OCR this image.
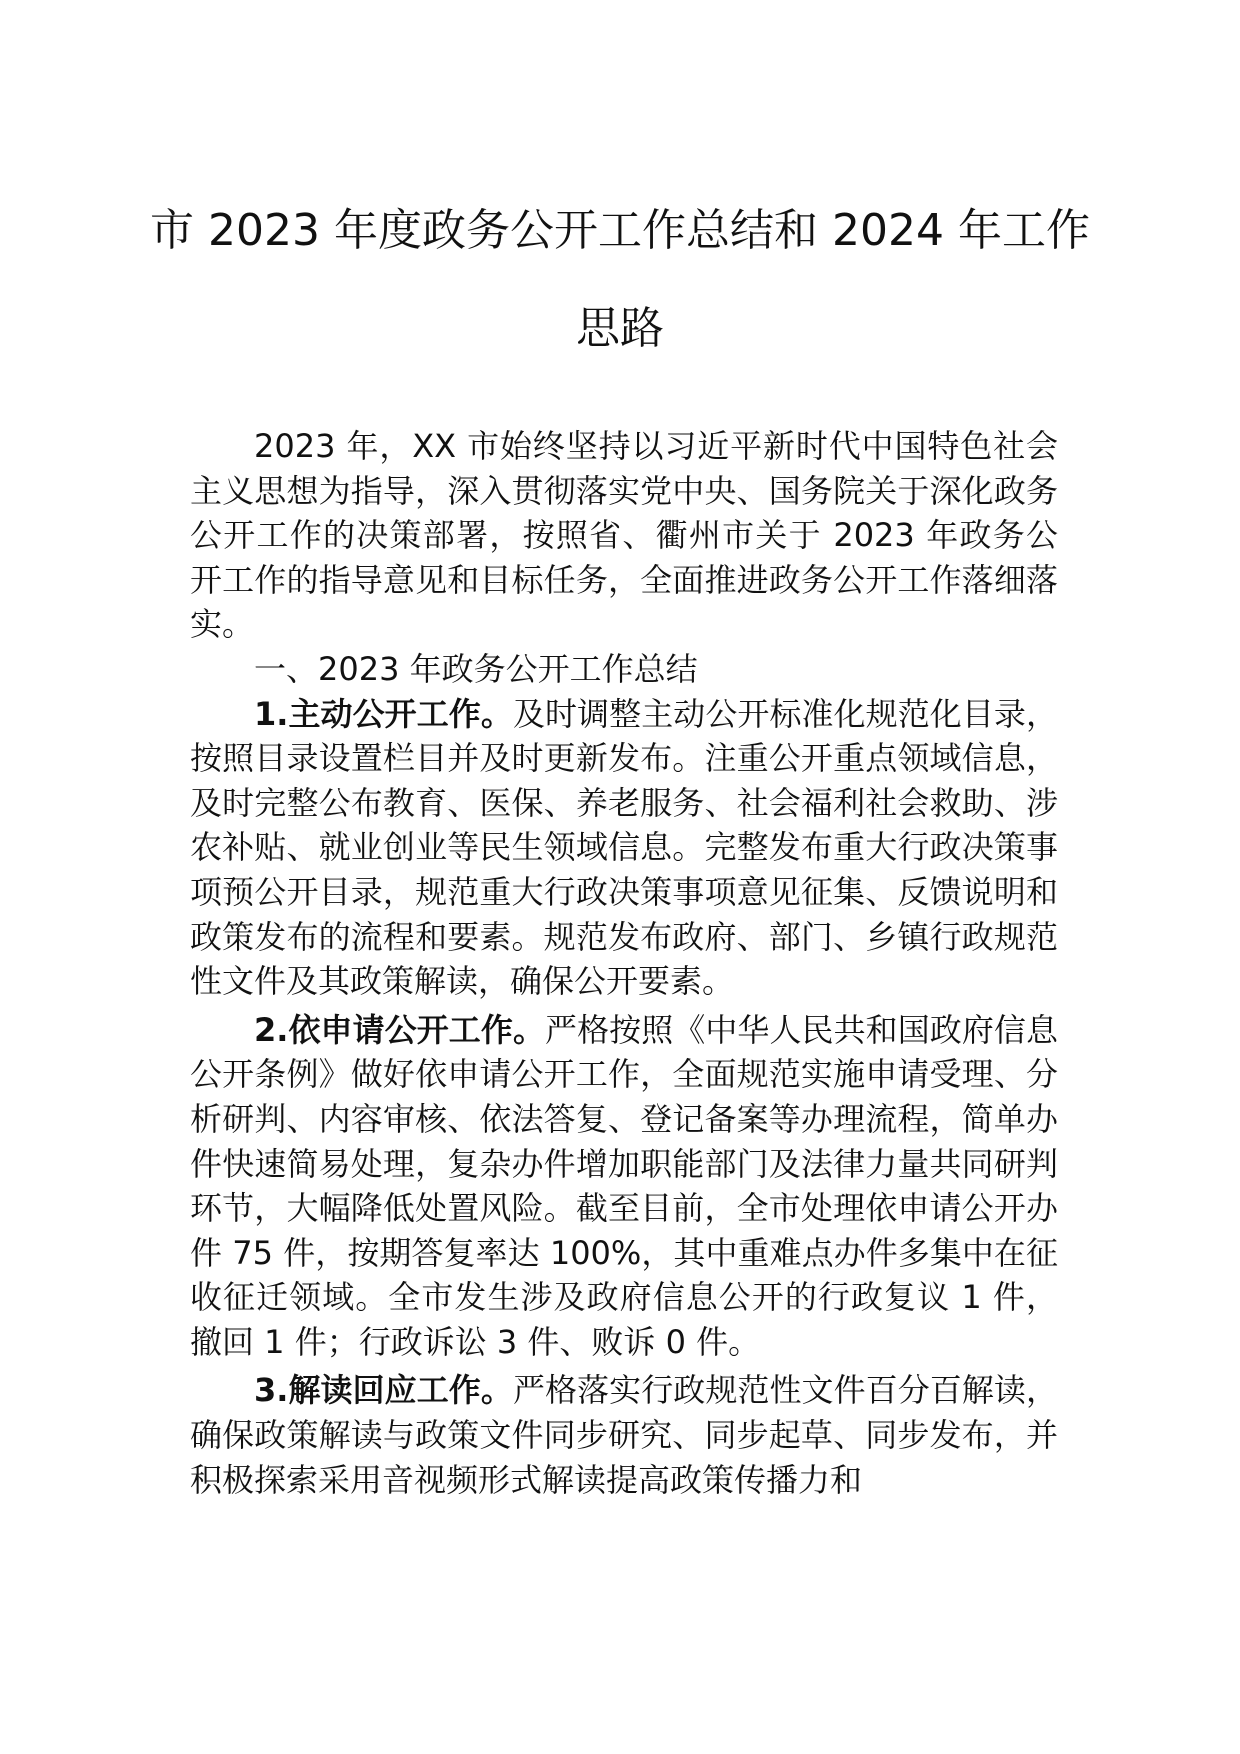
市 2023 年度政务公开工作总结和 2024 年工作思路

2023 年，XX 市始终坚持以习近平新时代中国特色社会主义思想为指导，深入贯彻落实党中央、国务院关于深化政务公开工作的决策部署，按照省、衢州市关于 2023 年政务公开工作的指导意见和目标任务，全面推进政务公开工作落细落实。

一、2023 年政务公开工作总结

1.主动公开工作。及时调整主动公开标准化规范化目录，按照目录设置栏目并及时更新发布。注重公开重点领域信息，及时完整公布教育、医保、养老服务、社会福利社会救助、涉农补贴、就业创业等民生领域信息。完整发布重大行政决策事项预公开目录，规范重大行政决策事项意见征集、反馈说明和政策发布的流程和要素。规范发布政府、部门、乡镇行政规范性文件及其政策解读，确保公开要素。

2.依申请公开工作。严格按照《中华人民共和国政府信息公开条例》做好依申请公开工作，全面规范实施申请受理、分析研判、内容审核、依法答复、登记备案等办理流程，简单办件快速简易处理，复杂办件增加职能部门及法律力量共同研判环节，大幅降低处置风险。截至目前，全市处理依申请公开办件 75 件，按期答复率达 100%，其中重难点办件多集中在征收征迁领域。全市发生涉及政府信息公开的行政复议 1 件，撤回 1 件；行政诉讼 3 件、败诉 0 件。

3.解读回应工作。严格落实行政规范性文件百分百解读，确保政策解读与政策文件同步研究、同步起草、同步发布，并积极探索采用音视频形式解读提高政策传播力和
